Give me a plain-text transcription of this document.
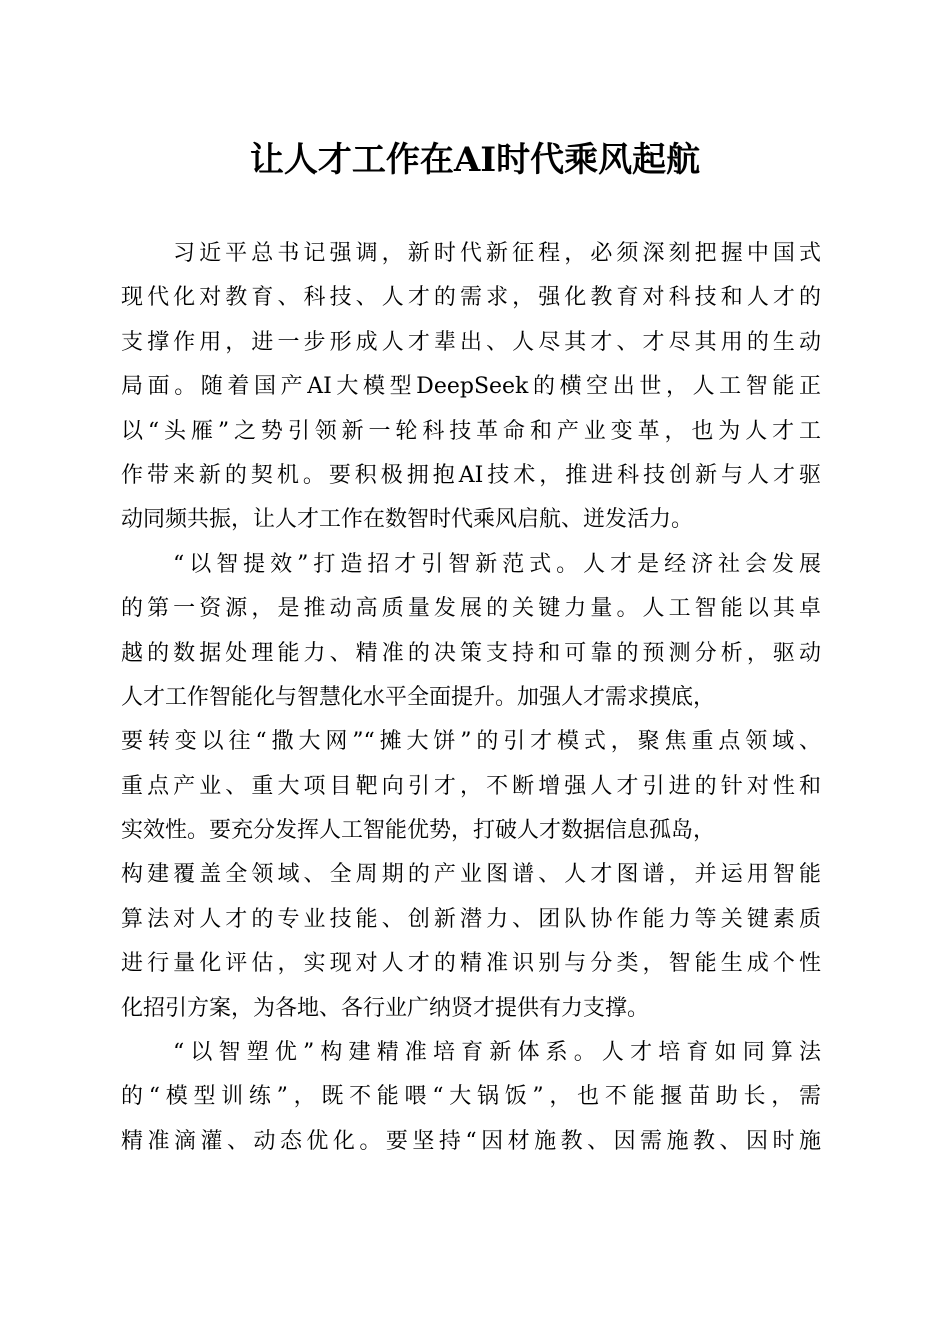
让人才工作在AI时代乘风起航
习近平总书记强调，新时代新征程，必须深刻把握中国式
现代化对教育、科技、人才的需求，强化教育对科技和人才的
支撑作用，进一步形成人才辈出、人尽其才、才尽其用的生动
局面。随着国产AI大模型DeepSeek的横空出世，人工智能正
以“头雁”之势引领新一轮科技革命和产业变革，也为人才工
作带来新的契机。要积极拥抱AI技术，推进科技创新与人才驱
动同频共振，让人才工作在数智时代乘风启航、迸发活力。
“以智提效”打造招才引智新范式。人才是经济社会发展
的第一资源，是推动高质量发展的关键力量。人工智能以其卓
越的数据处理能力、精准的决策支持和可靠的预测分析，驱动
人才工作智能化与智慧化水平全面提升。加强人才需求摸底，
要转变以往“撒大网”“摊大饼”的引才模式，聚焦重点领域、
重点产业、重大项目靶向引才，不断增强人才引进的针对性和
实效性。要充分发挥人工智能优势，打破人才数据信息孤岛，
构建覆盖全领域、全周期的产业图谱、人才图谱，并运用智能
算法对人才的专业技能、创新潜力、团队协作能力等关键素质
进行量化评估，实现对人才的精准识别与分类，智能生成个性
化招引方案，为各地、各行业广纳贤才提供有力支撑。
“以智塑优”构建精准培育新体系。人才培育如同算法
的“模型训练”，既不能喂“大锅饭”，也不能揠苗助长，需
精准滴灌、动态优化。要坚持“因材施教、因需施教、因时施
